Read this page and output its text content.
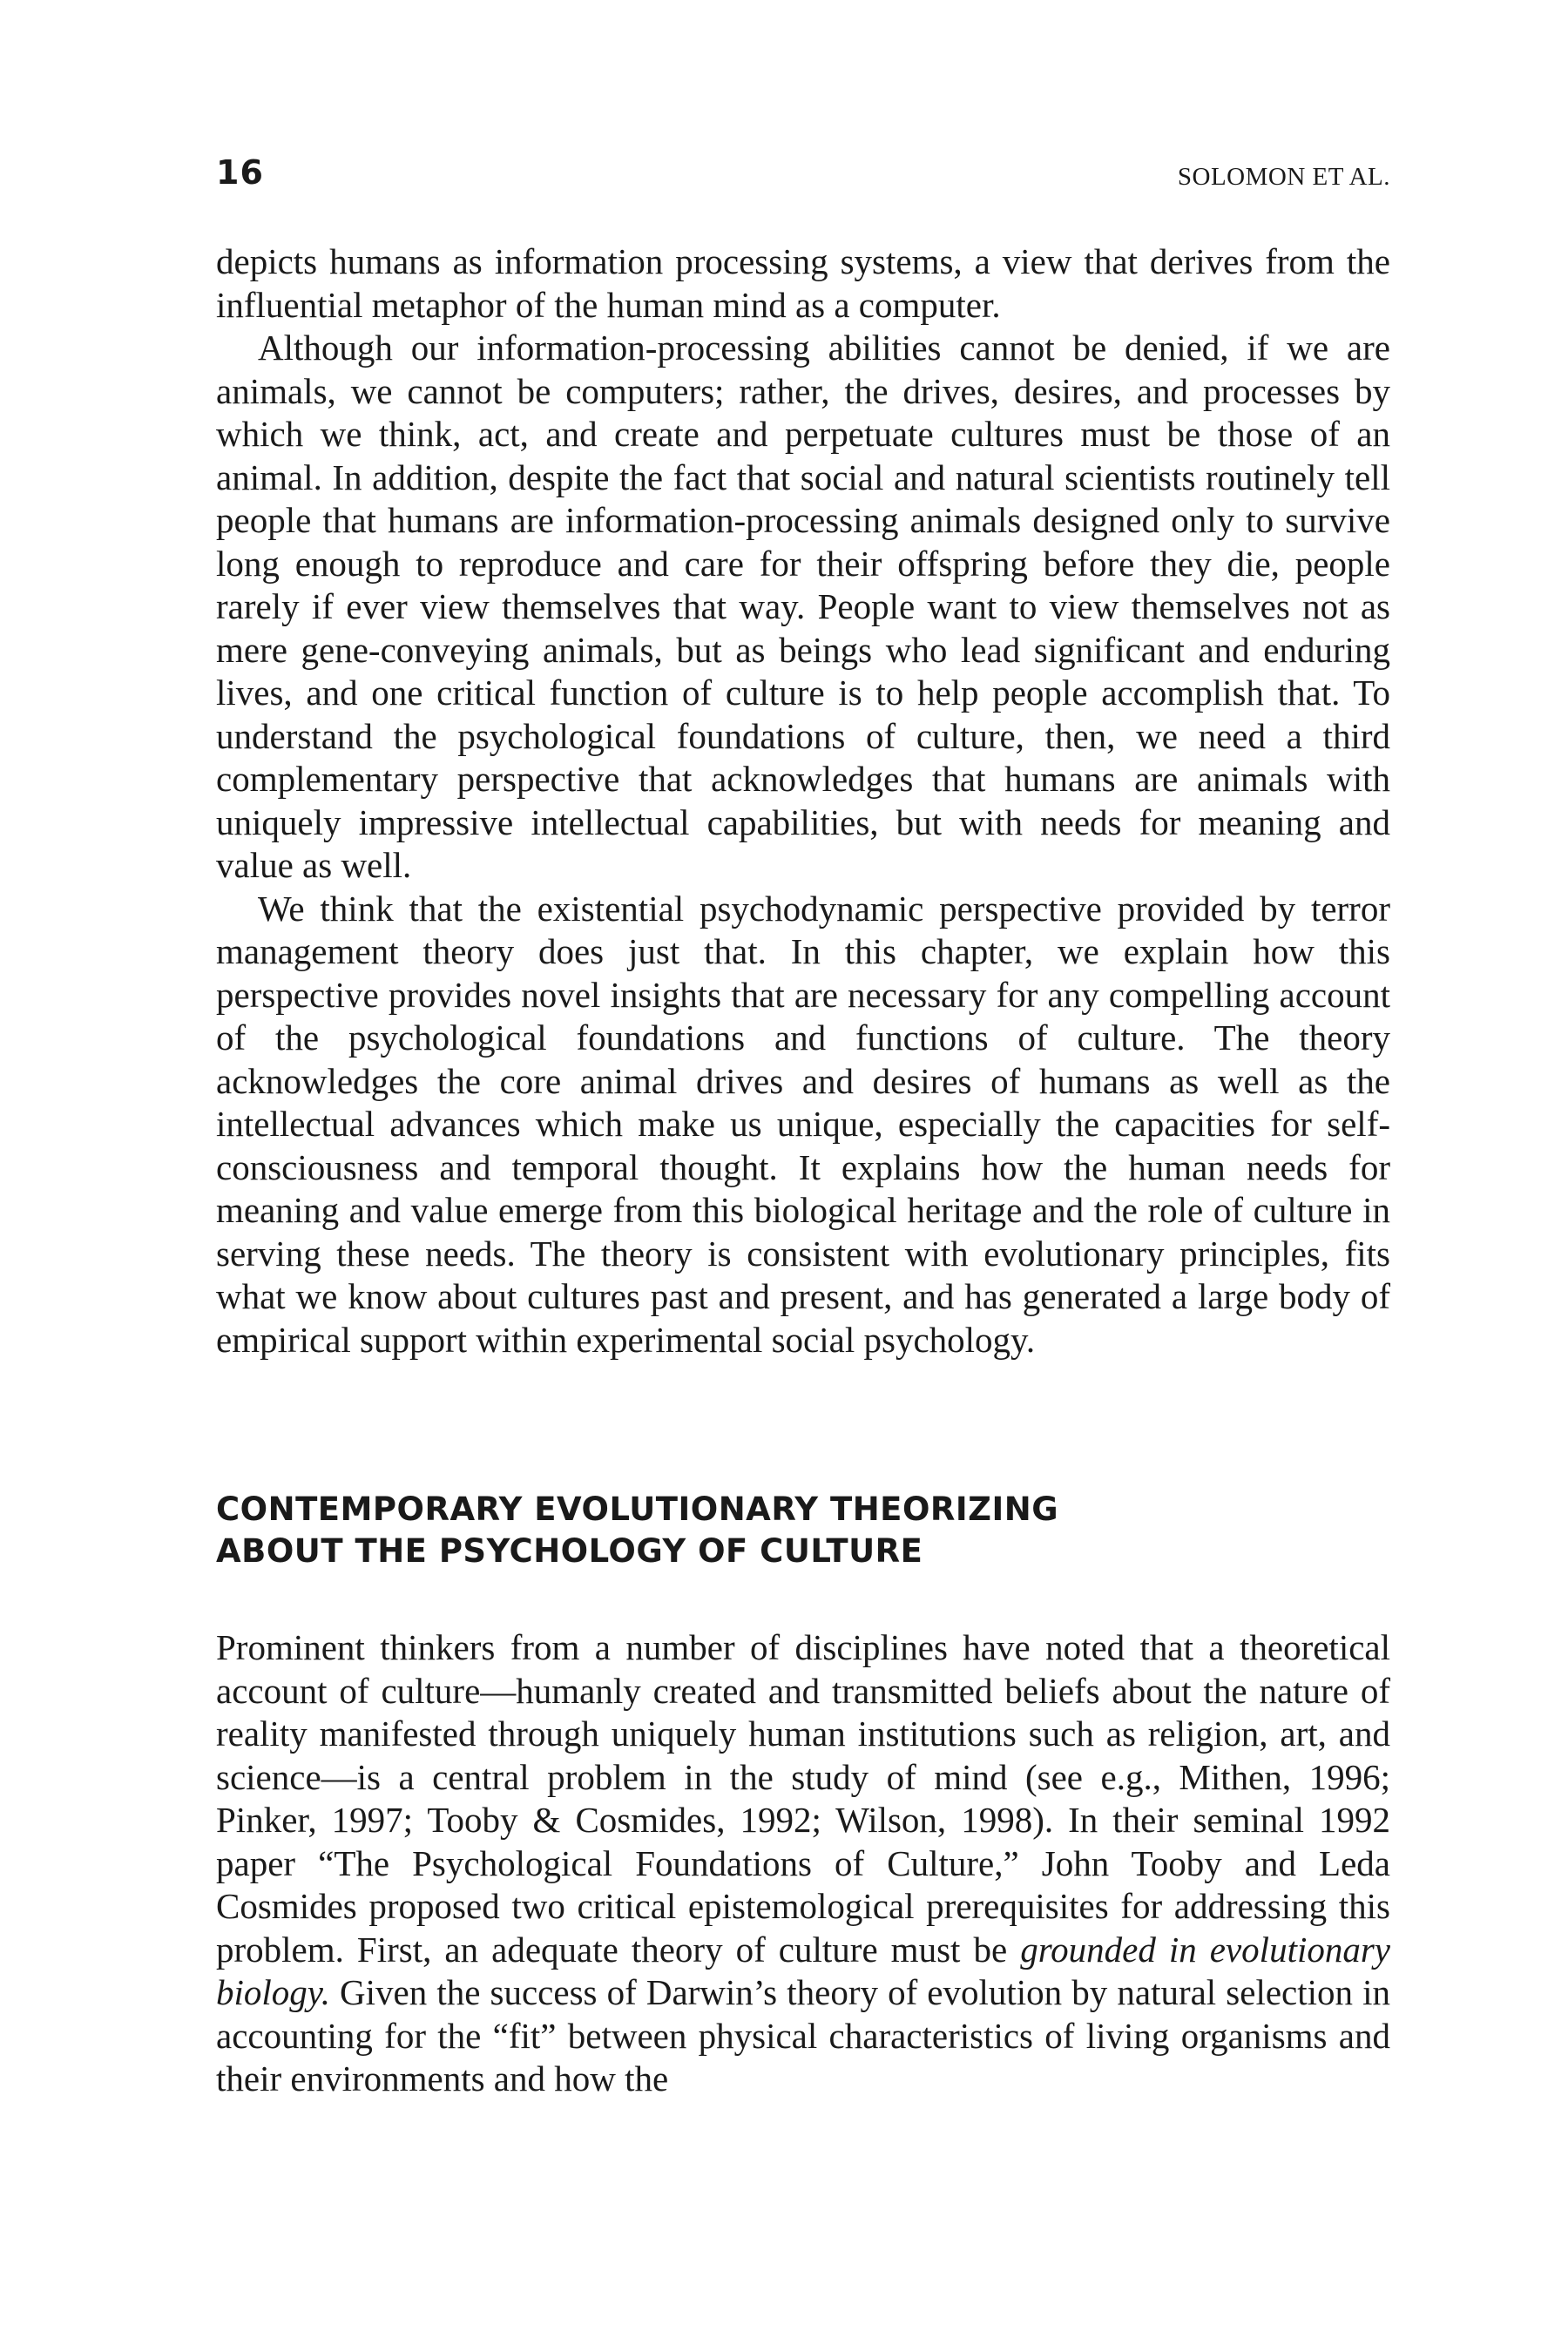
16	SOLOMON ET AL.

depicts humans as information processing systems, a view that derives from the influential metaphor of the human mind as a computer.

Although our information-processing abilities cannot be denied, if we are animals, we cannot be computers; rather, the drives, desires, and processes by which we think, act, and create and perpetuate cultures must be those of an animal. In addition, despite the fact that social and natural scientists routinely tell people that humans are information-processing animals designed only to survive long enough to reproduce and care for their offspring before they die, people rarely if ever view themselves that way. People want to view themselves not as mere gene-conveying animals, but as beings who lead significant and enduring lives, and one critical function of culture is to help people accomplish that. To understand the psychological foundations of culture, then, we need a third complementary perspective that acknowledges that humans are animals with uniquely impressive intellectual capabilities, but with needs for meaning and value as well.

We think that the existential psychodynamic perspective provided by terror management theory does just that. In this chapter, we explain how this perspective provides novel insights that are necessary for any compelling account of the psychological foundations and functions of culture. The theory acknowledges the core animal drives and desires of humans as well as the intellectual advances which make us unique, especially the capacities for self-consciousness and temporal thought. It explains how the human needs for meaning and value emerge from this biological heritage and the role of culture in serving these needs. The theory is consistent with evolutionary principles, fits what we know about cultures past and present, and has generated a large body of empirical support within experimental social psychology.

CONTEMPORARY EVOLUTIONARY THEORIZING
ABOUT THE PSYCHOLOGY OF CULTURE

Prominent thinkers from a number of disciplines have noted that a theoretical account of culture—humanly created and transmitted beliefs about the nature of reality manifested through uniquely human institutions such as religion, art, and science—is a central problem in the study of mind (see e.g., Mithen, 1996; Pinker, 1997; Tooby & Cosmides, 1992; Wilson, 1998). In their seminal 1992 paper “The Psychological Foundations of Culture,” John Tooby and Leda Cosmides proposed two critical epistemological prerequisites for addressing this problem. First, an adequate theory of culture must be grounded in evolutionary biology. Given the success of Darwin’s theory of evolution by natural selection in accounting for the “fit” between physical characteristics of living organisms and their environments and how the
